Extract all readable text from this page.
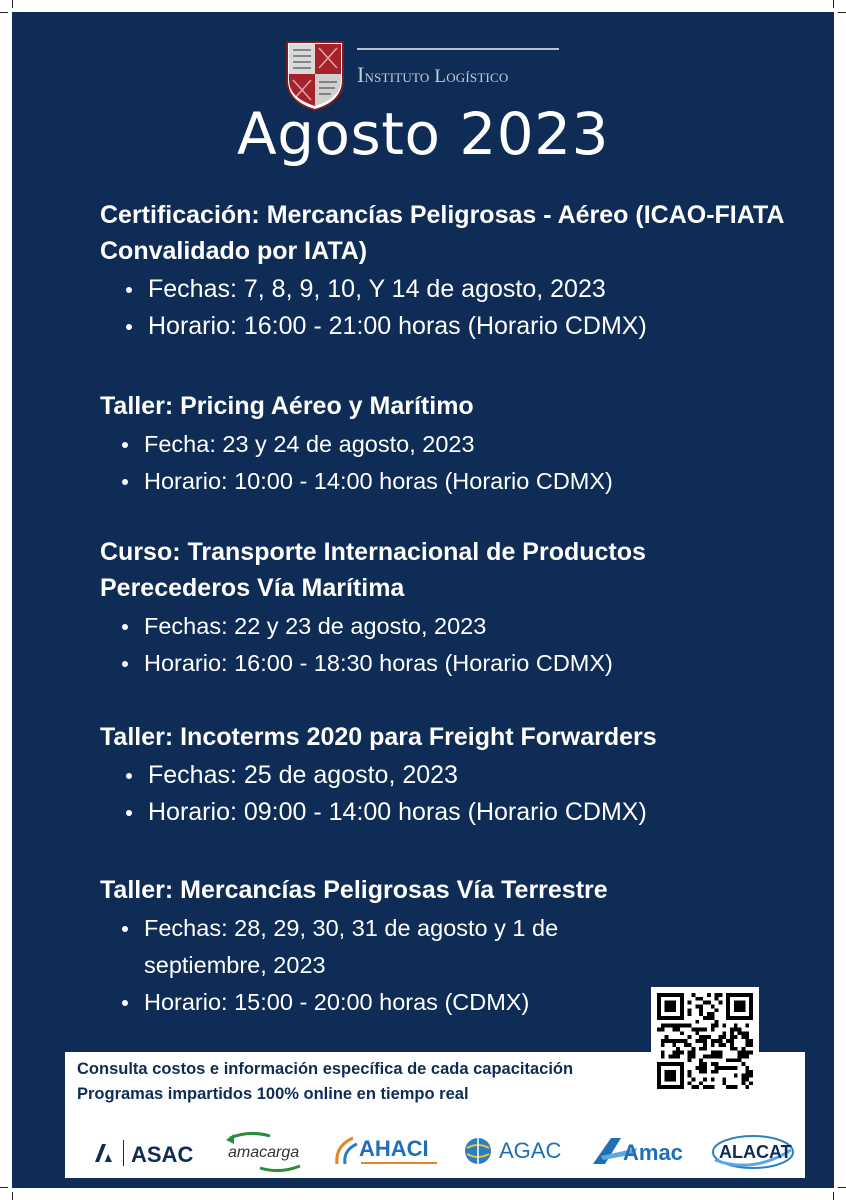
Instituto Logístico
Agosto 2023
Certificación: Mercancías Peligrosas - Aéreo (ICAO-FIATA Convalidado por IATA)
Fechas: 7, 8, 9, 10, Y 14 de agosto, 2023
Horario: 16:00 - 21:00 horas (Horario CDMX)
Taller: Pricing Aéreo y Marítimo
Fecha: 23 y 24 de agosto, 2023
Horario: 10:00 - 14:00 horas (Horario CDMX)
Curso: Transporte Internacional de Productos Perecederos Vía Marítima
Fechas: 22 y 23 de agosto, 2023
Horario: 16:00 - 18:30 horas (Horario CDMX)
Taller: Incoterms 2020 para Freight Forwarders
Fechas: 25 de agosto, 2023
Horario: 09:00 - 14:00 horas (Horario CDMX)
Taller: Mercancías Peligrosas Vía Terrestre
Fechas: 28, 29, 30, 31 de agosto y 1 de septiembre, 2023
Horario: 15:00 - 20:00 horas (CDMX)
Consulta costos e información específica de cada capacitación
Programas impartidos 100% online en tiempo real
ASAC amacarga	AHACI	AGAC	Amac ALACAT
